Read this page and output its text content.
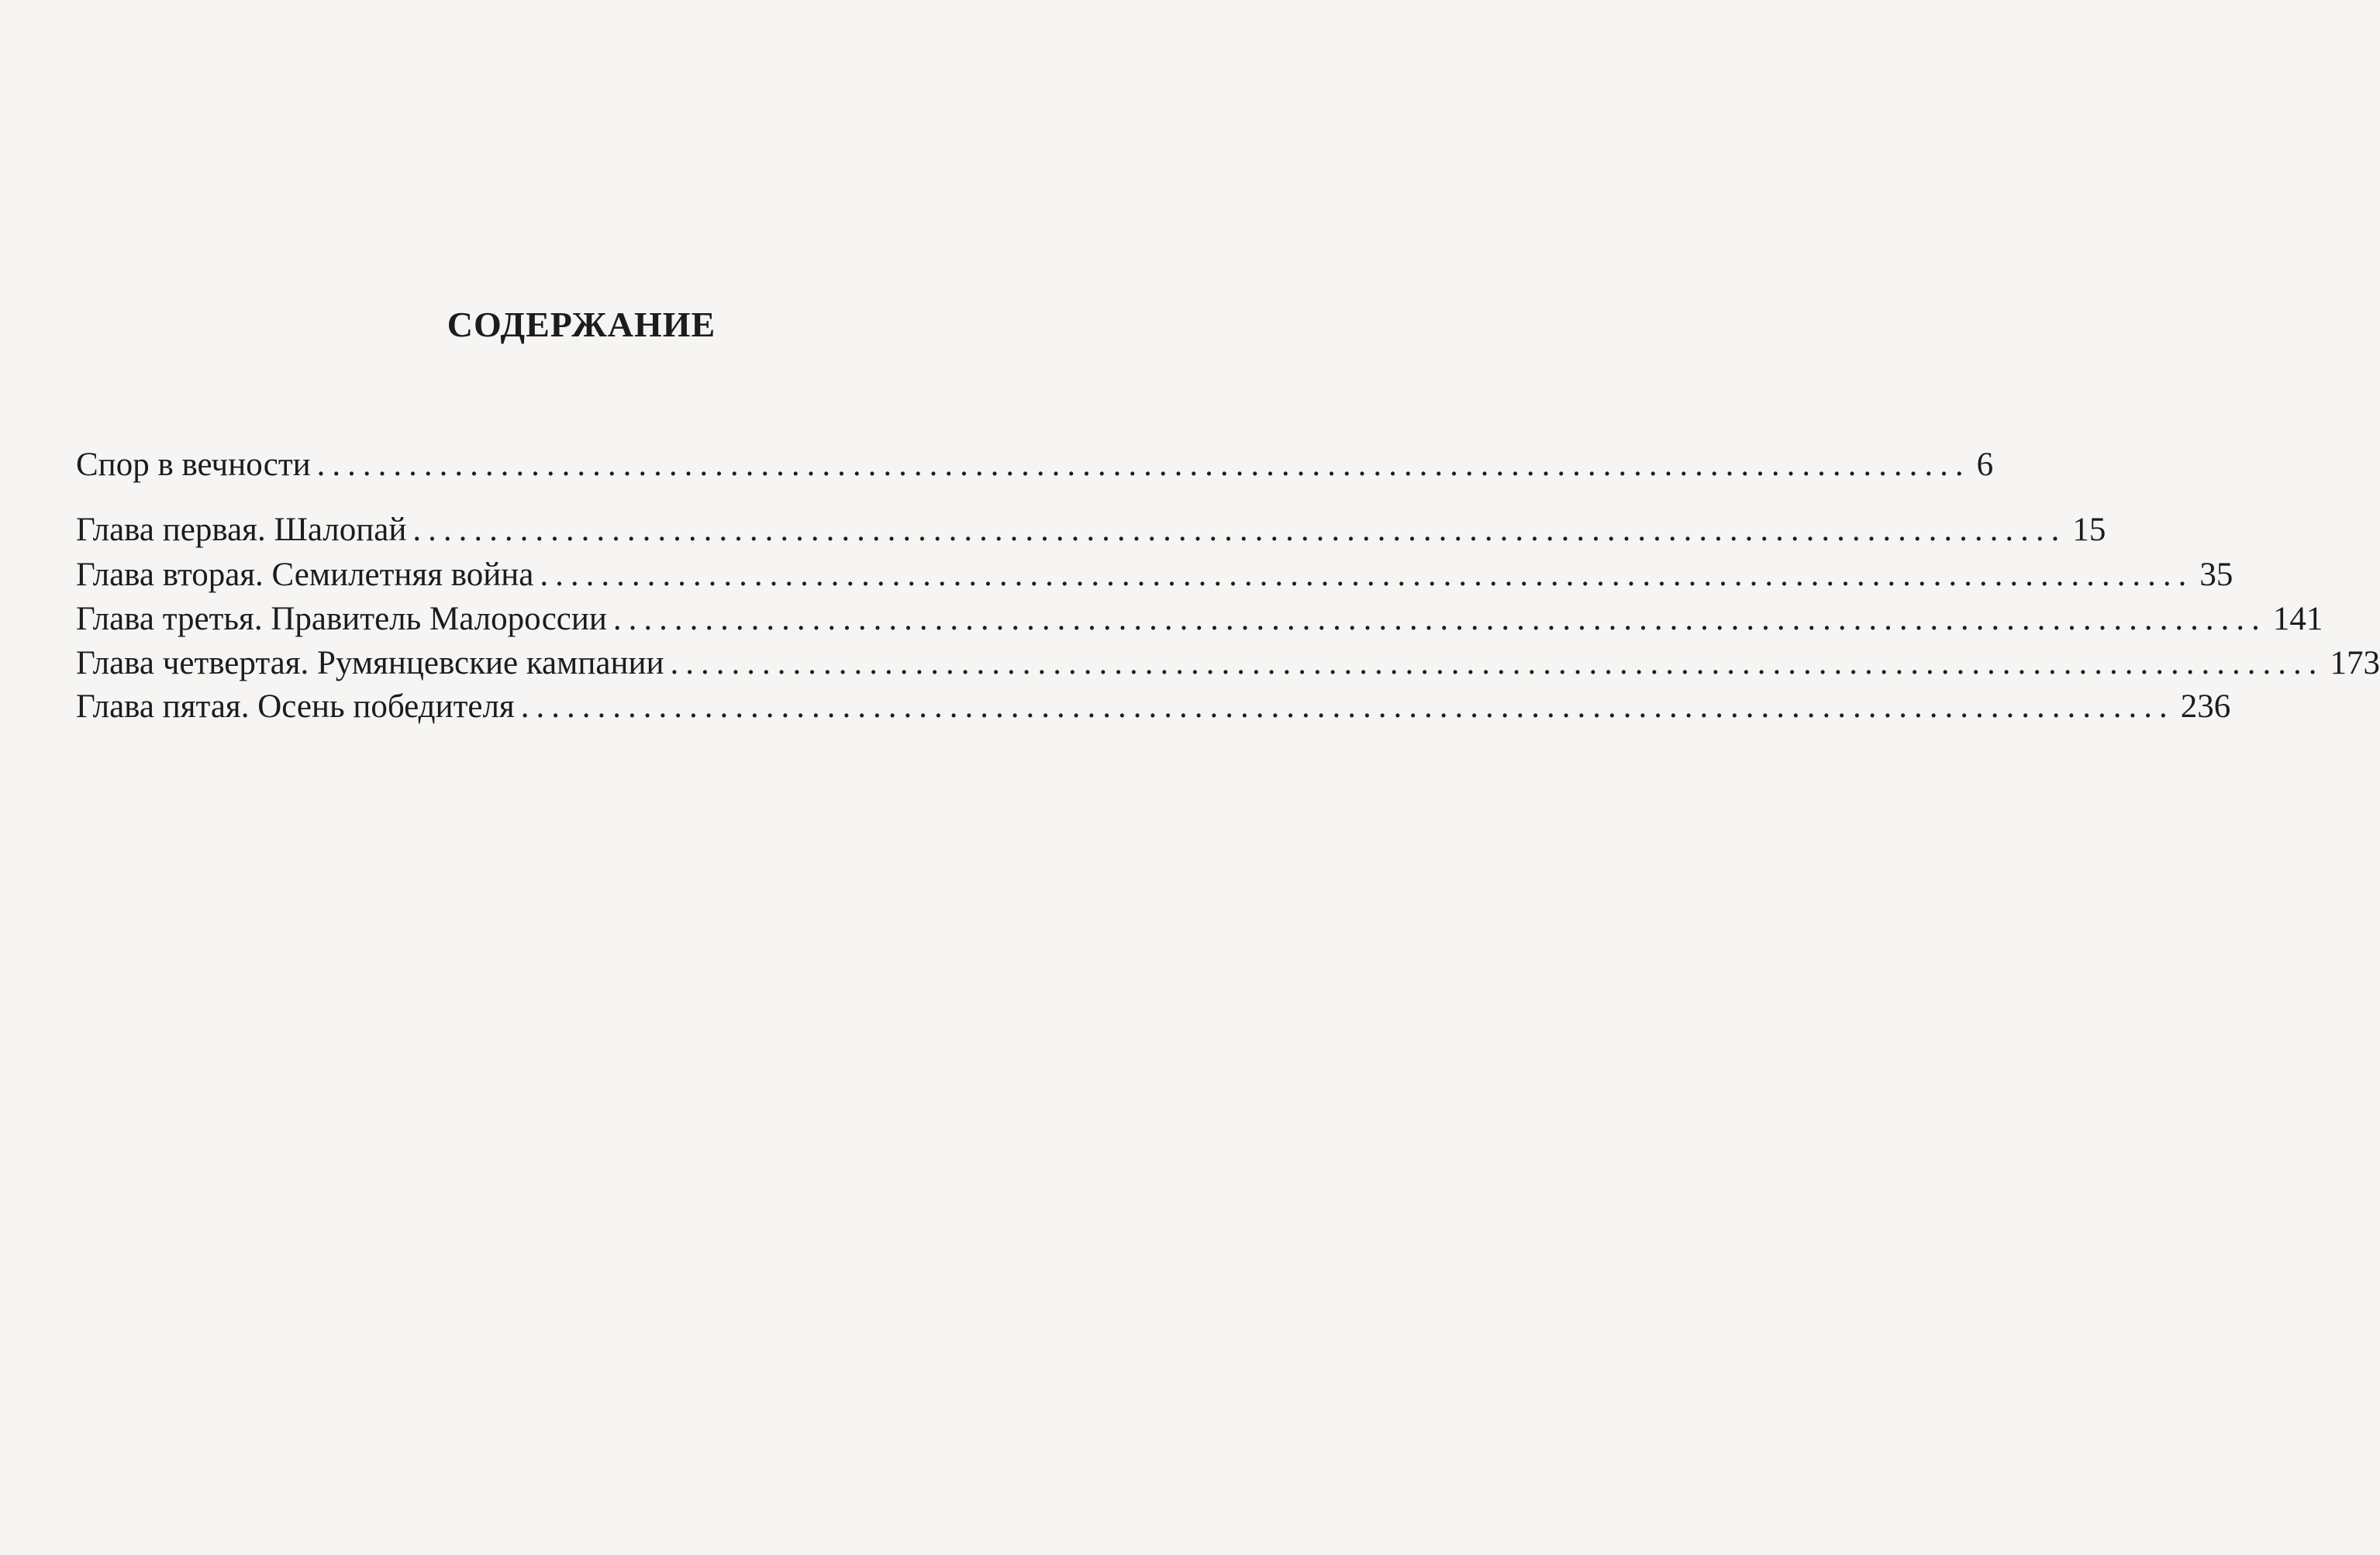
СОДЕРЖАНИЕ
Спор в вечности ............................................................................................................ 6
Глава первая. Шалопай ............................................................................................................ 15
Глава вторая. Семилетняя война ............................................................................................................ 35
Глава третья. Правитель Малороссии ............................................................................................................ 141
Глава четвертая. Румянцевские кампании ............................................................................................................ 173
Глава пятая. Осень победителя ............................................................................................................ 236
